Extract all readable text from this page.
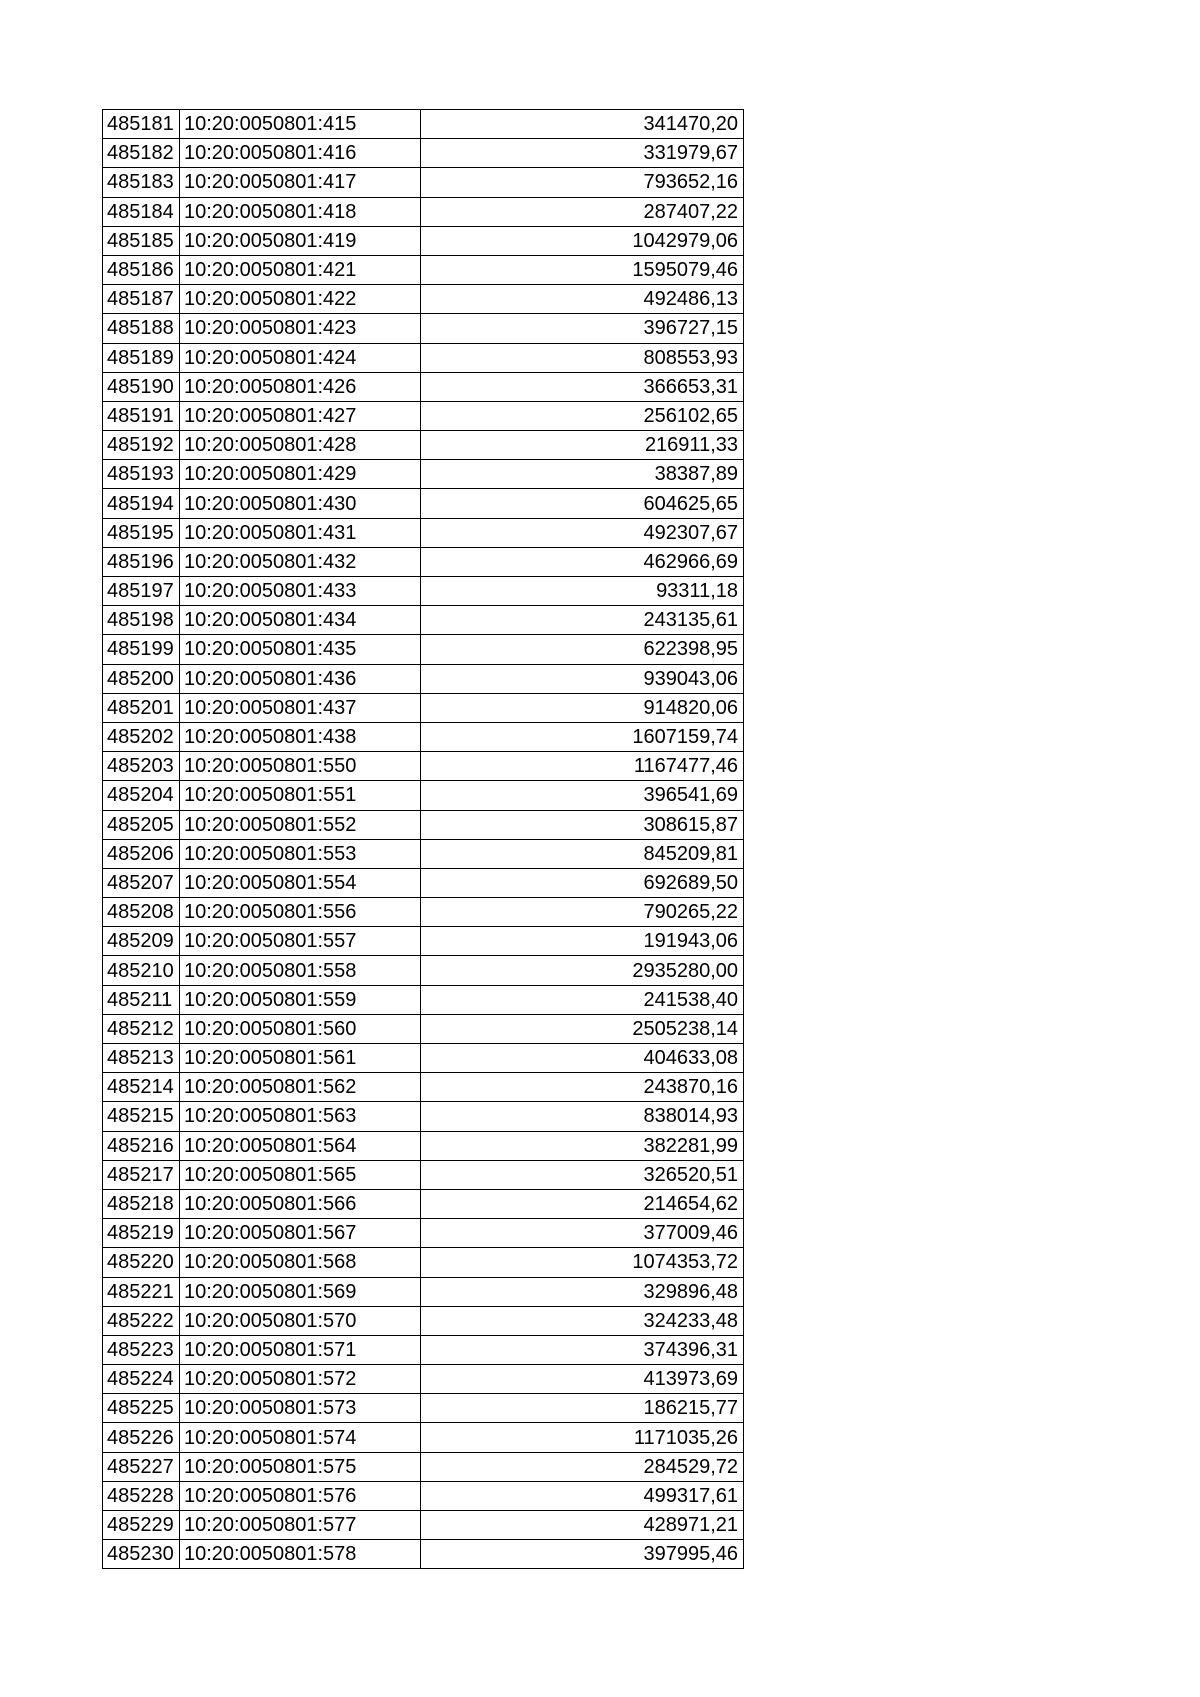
485181	10:20:0050801:415	341470,20
485182	10:20:0050801:416	331979,67
485183	10:20:0050801:417	793652,16
485184	10:20:0050801:418	287407,22
485185	10:20:0050801:419	1042979,06
485186	10:20:0050801:421	1595079,46
485187	10:20:0050801:422	492486,13
485188	10:20:0050801:423	396727,15
485189	10:20:0050801:424	808553,93
485190	10:20:0050801:426	366653,31
485191	10:20:0050801:427	256102,65
485192	10:20:0050801:428	216911,33
485193	10:20:0050801:429	38387,89
485194	10:20:0050801:430	604625,65
485195	10:20:0050801:431	492307,67
485196	10:20:0050801:432	462966,69
485197	10:20:0050801:433	93311,18
485198	10:20:0050801:434	243135,61
485199	10:20:0050801:435	622398,95
485200	10:20:0050801:436	939043,06
485201	10:20:0050801:437	914820,06
485202	10:20:0050801:438	1607159,74
485203	10:20:0050801:550	1167477,46
485204	10:20:0050801:551	396541,69
485205	10:20:0050801:552	308615,87
485206	10:20:0050801:553	845209,81
485207	10:20:0050801:554	692689,50
485208	10:20:0050801:556	790265,22
485209	10:20:0050801:557	191943,06
485210	10:20:0050801:558	2935280,00
485211	10:20:0050801:559	241538,40
485212	10:20:0050801:560	2505238,14
485213	10:20:0050801:561	404633,08
485214	10:20:0050801:562	243870,16
485215	10:20:0050801:563	838014,93
485216	10:20:0050801:564	382281,99
485217	10:20:0050801:565	326520,51
485218	10:20:0050801:566	214654,62
485219	10:20:0050801:567	377009,46
485220	10:20:0050801:568	1074353,72
485221	10:20:0050801:569	329896,48
485222	10:20:0050801:570	324233,48
485223	10:20:0050801:571	374396,31
485224	10:20:0050801:572	413973,69
485225	10:20:0050801:573	186215,77
485226	10:20:0050801:574	1171035,26
485227	10:20:0050801:575	284529,72
485228	10:20:0050801:576	499317,61
485229	10:20:0050801:577	428971,21
485230	10:20:0050801:578	397995,46
